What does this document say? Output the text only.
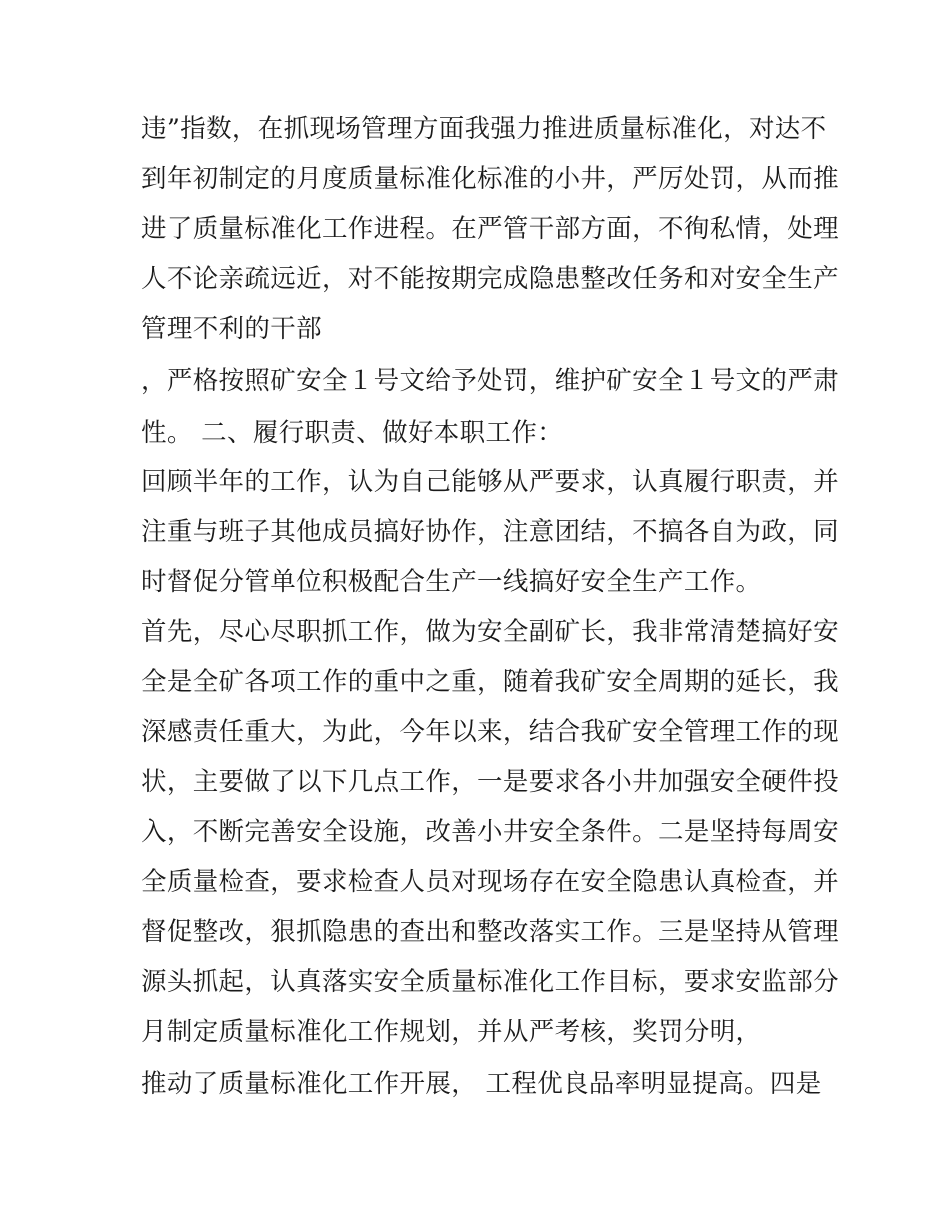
违”指数，在抓现场管理方面我强力推进质量标准化，对达不
到年初制定的月度质量标准化标准的小井，严厉处罚，从而推
进了质量标准化工作进程。在严管干部方面，不徇私情，处理
人不论亲疏远近，对不能按期完成隐患整改任务和对安全生产
管理不利的干部
，严格按照矿安全１号文给予处罚，维护矿安全１号文的严肃
性。 二、履行职责、做好本职工作：
回顾半年的工作，认为自己能够从严要求，认真履行职责，并
注重与班子其他成员搞好协作，注意团结，不搞各自为政，同
时督促分管单位积极配合生产一线搞好安全生产工作。
首先，尽心尽职抓工作，做为安全副矿长，我非常清楚搞好安
全是全矿各项工作的重中之重，随着我矿安全周期的延长，我
深感责任重大，为此，今年以来，结合我矿安全管理工作的现
状，主要做了以下几点工作，一是要求各小井加强安全硬件投
入，不断完善安全设施，改善小井安全条件。二是坚持每周安
全质量检查，要求检查人员对现场存在安全隐患认真检查，并
督促整改，狠抓隐患的查出和整改落实工作。三是坚持从管理
源头抓起，认真落实安全质量标准化工作目标，要求安监部分
月制定质量标准化工作规划，并从严考核，奖罚分明，
推动了质量标准化工作开展， 工程优良品率明显提高。四是
